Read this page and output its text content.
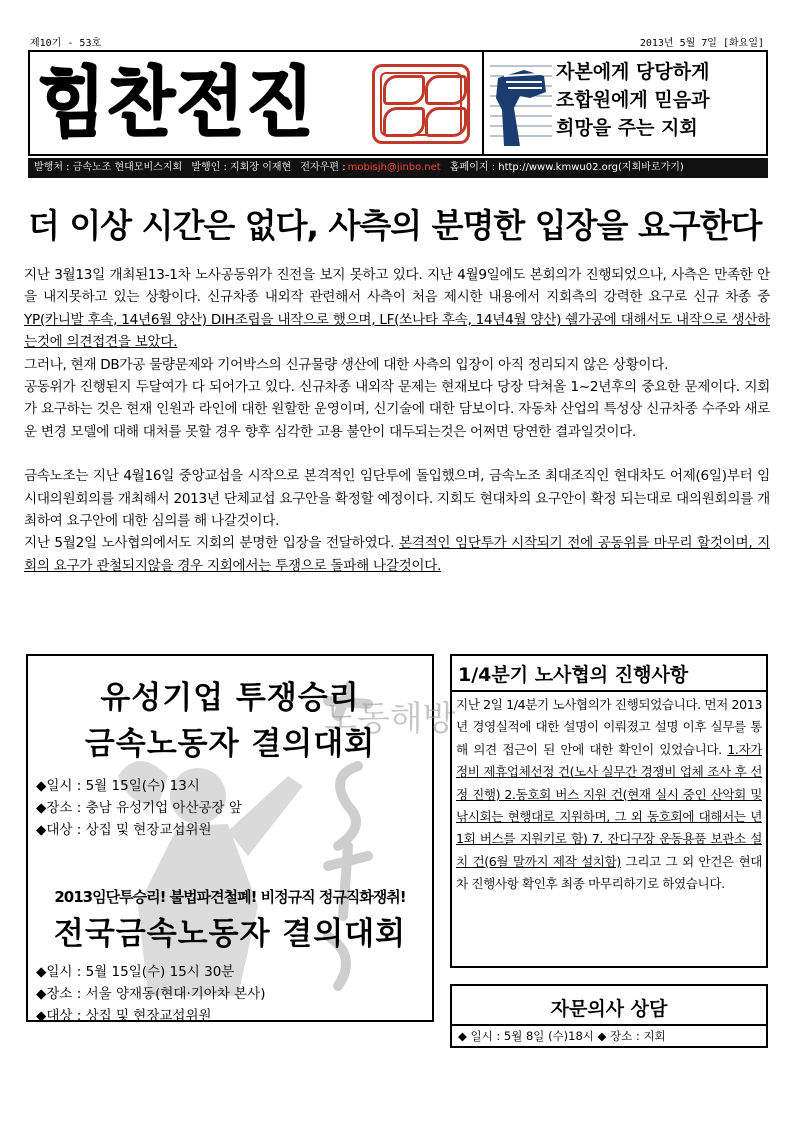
제10기 - 53호	2013년 5월 7일 [화요일]
힘찬전진	자본에게 당당하게
조합원에게 믿음과
희망을 주는 지회
발행처 : 금속노조 현대모비스지회 발행인 : 지회장 이재현 전자우편 : mobisjh@jinbo.net 홈페이지 : http://www.kmwu02.org(지회바로가기)
더 이상 시간은 없다, 사측의 분명한 입장을 요구한다

지난 3월13일 개최된13-1차 노사공동위가 진전을 보지 못하고 있다. 지난 4월9일에도 본회의가 진행되었으나, 사측은 만족한 안을 내지못하고 있는 상황이다. 신규차종 내외작 관련해서 사측이 처음 제시한 내용에서 지회측의 강력한 요구로 신규 차종 중 YP(카니발 후속, 14년6월 양산) DIH조립을 내작으로 했으며, LF(쏘나타 후속, 14년4월 양산) 쉘가공에 대해서도 내작으로 생산하는것에 의견접견을 보았다.

그러나, 현재 DB가공 물량문제와 기어박스의 신규물량 생산에 대한 사측의 입장이 아직 정리되지 않은 상황이다.

공동위가 진행된지 두달여가 다 되어가고 있다. 신규차종 내외작 문제는 현재보다 당장 닥쳐올 1~2년후의 중요한 문제이다. 지회가 요구하는 것은 현재 인원과 라인에 대한 원할한 운영이며, 신기술에 대한 담보이다. 자동차 산업의 특성상 신규차종 수주와 새로운 변경 모델에 대해 대처를 못할 경우 향후 심각한 고용 불안이 대두되는것은 어쩌면 당연한 결과일것이다.

금속노조는 지난 4월16일 중앙교섭을 시작으로 본격적인 임단투에 돌입했으며, 금속노조 최대조직인 현대차도 어제(6일)부터 임시대의원회의를 개최해서 2013년 단체교섭 요구안을 확정할 예정이다. 지회도 현대차의 요구안이 확정 되는대로 대의원회의를 개최하여 요구안에 대한 심의를 해 나갈것이다.

지난 5월2일 노사협의에서도 지회의 분명한 입장을 전달하였다. 본격적인 임단투가 시작되기 전에 공동위를 마무리 할것이며, 지회의 요구가 관철되지않을 경우 지회에서는 투쟁으로 돌파해 나갈것이다.

노동해방
유성기업 투쟁승리
금속노동자 결의대회
◆일시 : 5월 15일(수) 13시
◆장소 : 충남 유성기업 아산공장 앞
◆대상 : 상집 및 현장교섭위원
2013임단투승리! 불법파견철폐! 비정규직 정규직화쟁취!
전국금속노동자 결의대회
◆일시 : 5월 15일(수) 15시 30분
◆장소 : 서울 양재동(현대·기아차 본사)
◆대상 : 상집 및 현장교섭위원
1/4분기 노사협의 진행사항
지난 2일 1/4분기 노사협의가 진행되었습니다. 먼저 2013년 경영실적에 대한 설명이 이뤄졌고 설명 이후 실무를 통해 의견 접근이 된 안에 대한 확인이 있었습니다. 1.자가 정비 제휴업체선정 건(노사 실무간 경쟁비 업체 조사 후 선정 진행) 2.동호회 버스 지원 건(현재 실시 중인 산악회 및 낚시회는 현행대로 지원하며, 그 외 동호회에 대해서는 년 1회 버스를 지원키로 함) 7. 잔디구장 운동용품 보관소 설치 건(6월 말까지 제작 설치함) 그리고 그 외 안건은 현대차 진행사항 확인후 최종 마무리하기로 하였습니다.
자문의사 상담
◆ 일시 : 5월 8일 (수)18시 ◆ 장소 : 지회
